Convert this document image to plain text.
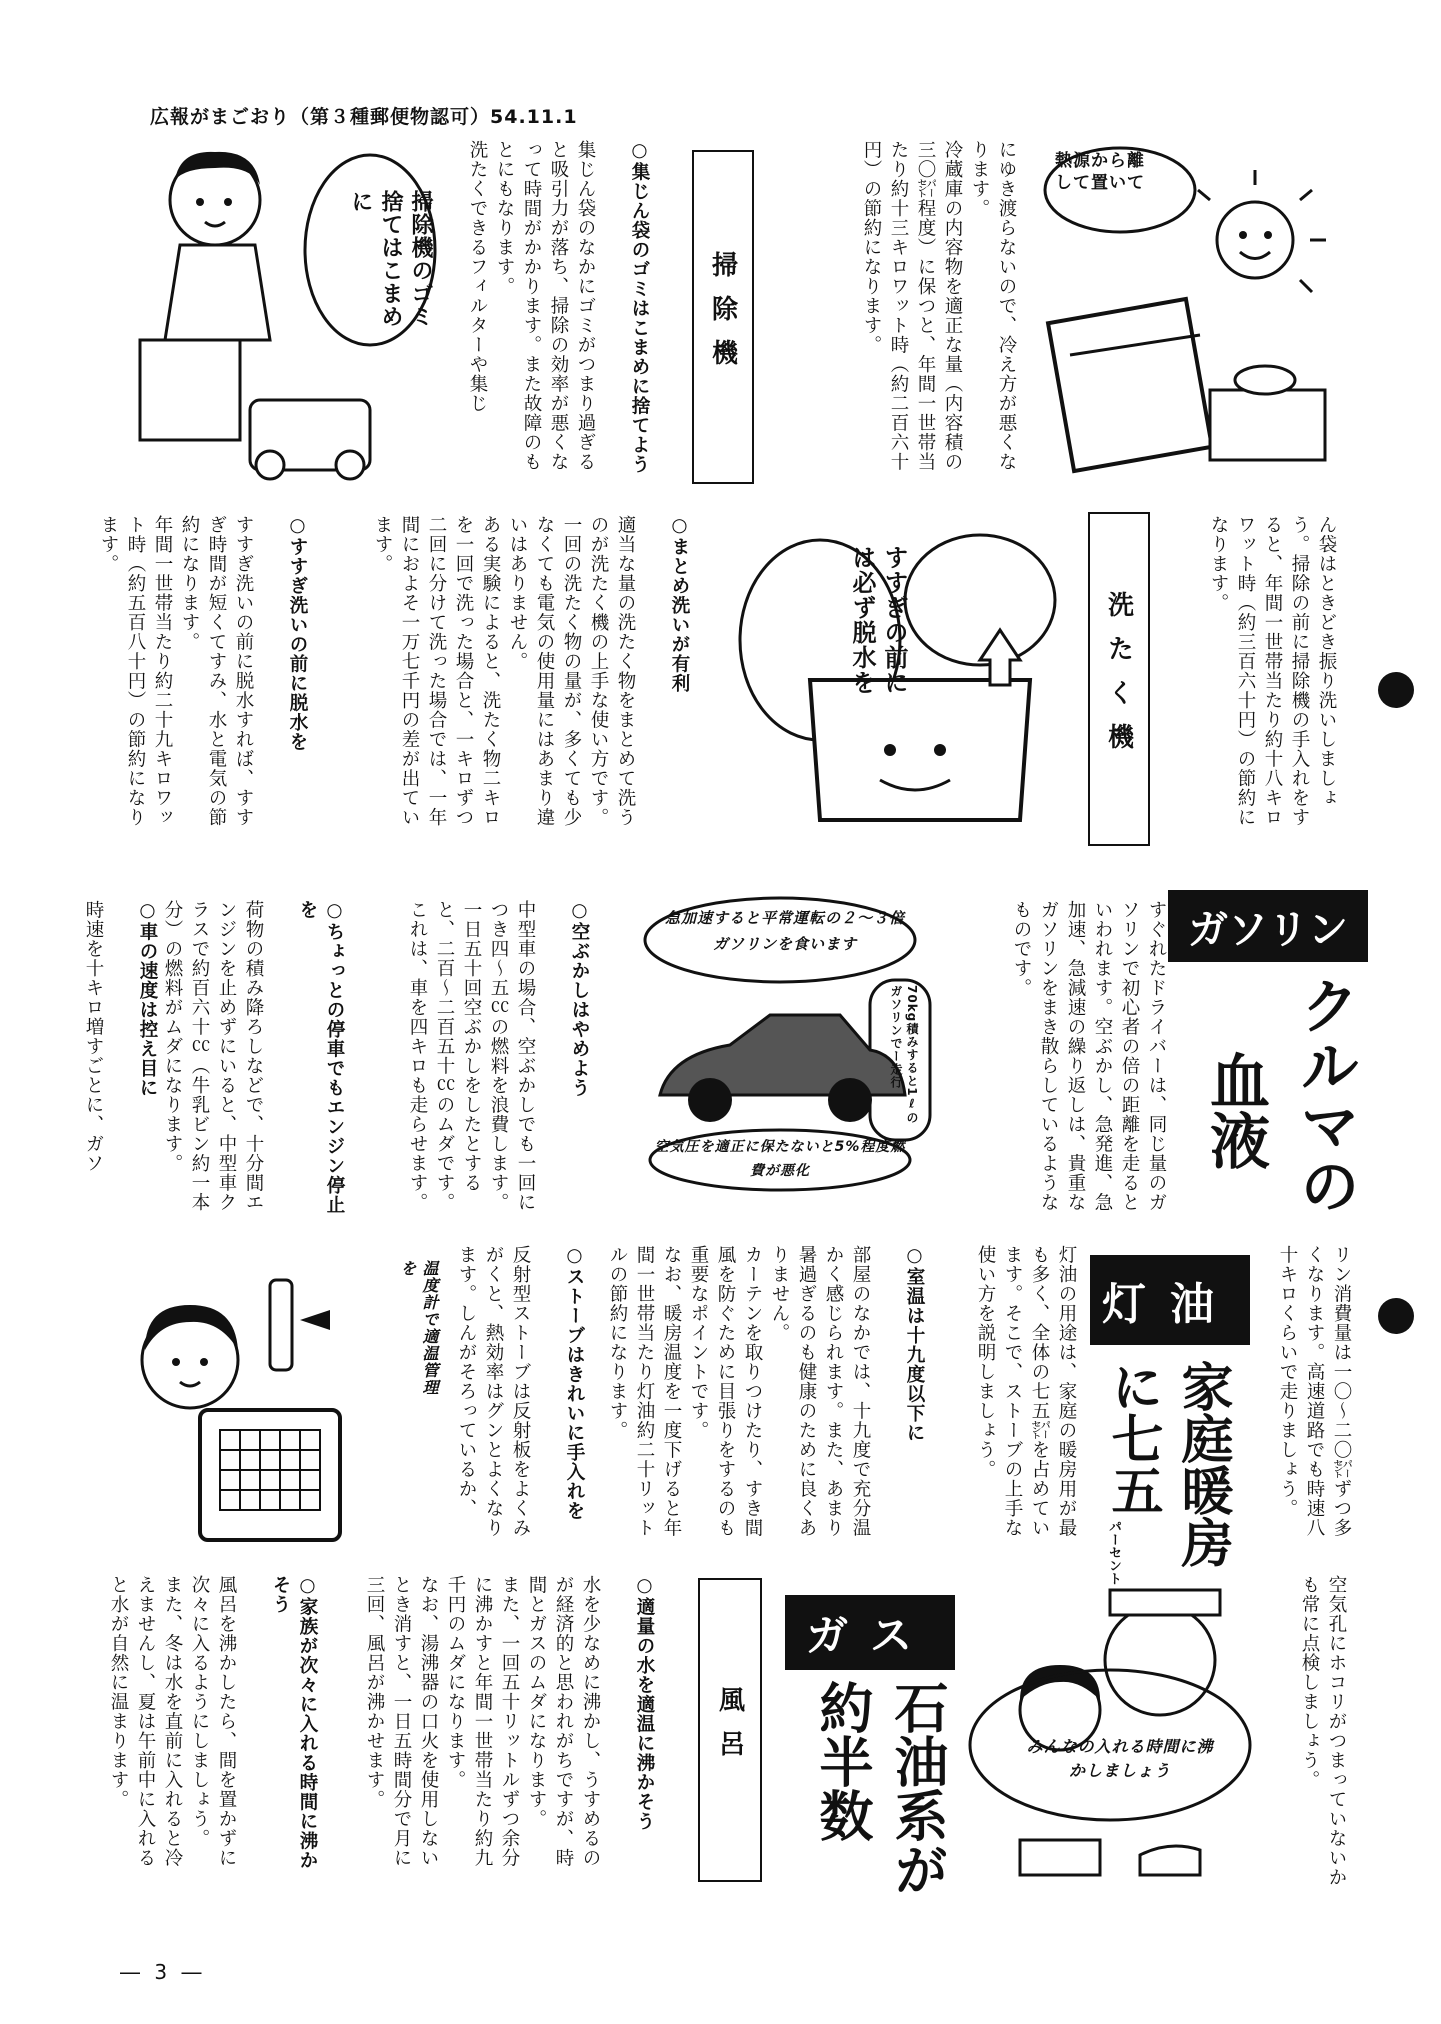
広報がまごおり（第３種郵便物認可）54.11.1
熱源から離して置いて
にゆき渡らないので、冷え方が悪くなります。
冷蔵庫の内容物を適正な量（内容積の三〇㌫程度）に保つと、年間一世帯当たり約十三キロワット時（約二百六十円）の節約になります。
掃除機

○集じん袋のゴミはこまめに捨てよう

集じん袋のなかにゴミがつまり過ぎると吸引力が落ち、掃除の効率が悪くなって時間がかかります。また故障のもとにもなります。
洗たくできるフィルターや集じ

掃除機のゴミ捨てはこまめに
ん袋はときどき振り洗いしましょう。掃除の前に掃除機の手入れをすると、年間一世帯当たり約十八キロワット時（約三百六十円）の節約になります。
洗たく機
すすぎの前には必ず脱水を

○まとめ洗いが有利

適当な量の洗たく物をまとめて洗うのが洗たく機の上手な使い方です。
一回の洗たく物の量が、多くても少なくても電気の使用量にはあまり違いはありません。
ある実験によると、洗たく物二キロを一回で洗った場合と、一キロずつ二回に分けて洗った場合では、一年間におよそ一万七千円の差が出ています。

○すすぎ洗いの前に脱水を

すすぎ洗いの前に脱水すれば、すすぎ時間が短くてすみ、水と電気の節約になります。
年間一世帯当たり約二十九キロワット時（約五百八十円）の節約になります。

ガソリン
クルマの
血液
すぐれたドライバーは、同じ量のガソリンで初心者の倍の距離を走るといわれます。空ぶかし、急発進、急加速、急減速の繰り返しは、貴重なガソリンをまき散らしているようなものです。
急加速すると平常運転の２〜３倍ガソリンを食います
空気圧を適正に保たないと5%程度燃費が悪化
70kg積みすると1ℓのガソリンでー走行

○空ぶかしはやめよう

中型車の場合、空ぶかしでも一回につき四〜五㏄の燃料を浪費します。一日五十回空ぶかしをしたとすると、二百〜二百五十㏄のムダです。これは、車を四キロも走らせます。

○ちょっとの停車でもエンジン停止を

荷物の積み降ろしなどで、十分間エンジンを止めずにいると、中型車クラスで約百六十㏄（牛乳ビン約一本分）の燃料がムダになります。

○車の速度は控え目に

時速を十キロ増すごとに、ガソ

リン消費量は一〇〜二〇㌫ずつ多くなります。高速道路でも時速八十キロくらいで走りましょう。
灯油
家庭暖房
に七五
パーセント
灯油の用途は、家庭の暖房用が最も多く、全体の七五㌫を占めています。そこで、ストーブの上手な使い方を説明しましょう。

○室温は十九度以下に

部屋のなかでは、十九度で充分温かく感じられます。また、あまり暑過ぎるのも健康のために良くありません。
カーテンを取りつけたり、すき間風を防ぐために目張りをするのも重要なポイントです。
なお、暖房温度を一度下げると年間一世帯当たり灯油約二十リットルの節約になります。

○ストーブはきれいに手入れを

反射型ストーブは反射板をよくみがくと、熱効率はグンとよくなります。しんがそろっているか、

温度計で適温管理を
空気孔にホコリがつまっていないかも常に点検しましょう。
みんなの入れる時間に沸かしましょう
ガス
石油系が
約半数
風呂

○適量の水を適温に沸かそう

水を少なめに沸かし、うすめるのが経済的と思われがちですが、時間とガスのムダになります。
また、一回五十リットルずつ余分に沸かすと年間一世帯当たり約九千円のムダになります。
なお、湯沸器の口火を使用しないとき消すと、一日五時間分で月に三回、風呂が沸かせます。

○家族が次々に入れる時間に沸かそう

風呂を沸かしたら、間を置かずに次々に入るようにしましょう。
また、冬は水を直前に入れると冷えませんし、夏は午前中に入れると水が自然に温まります。

― 3 ―
